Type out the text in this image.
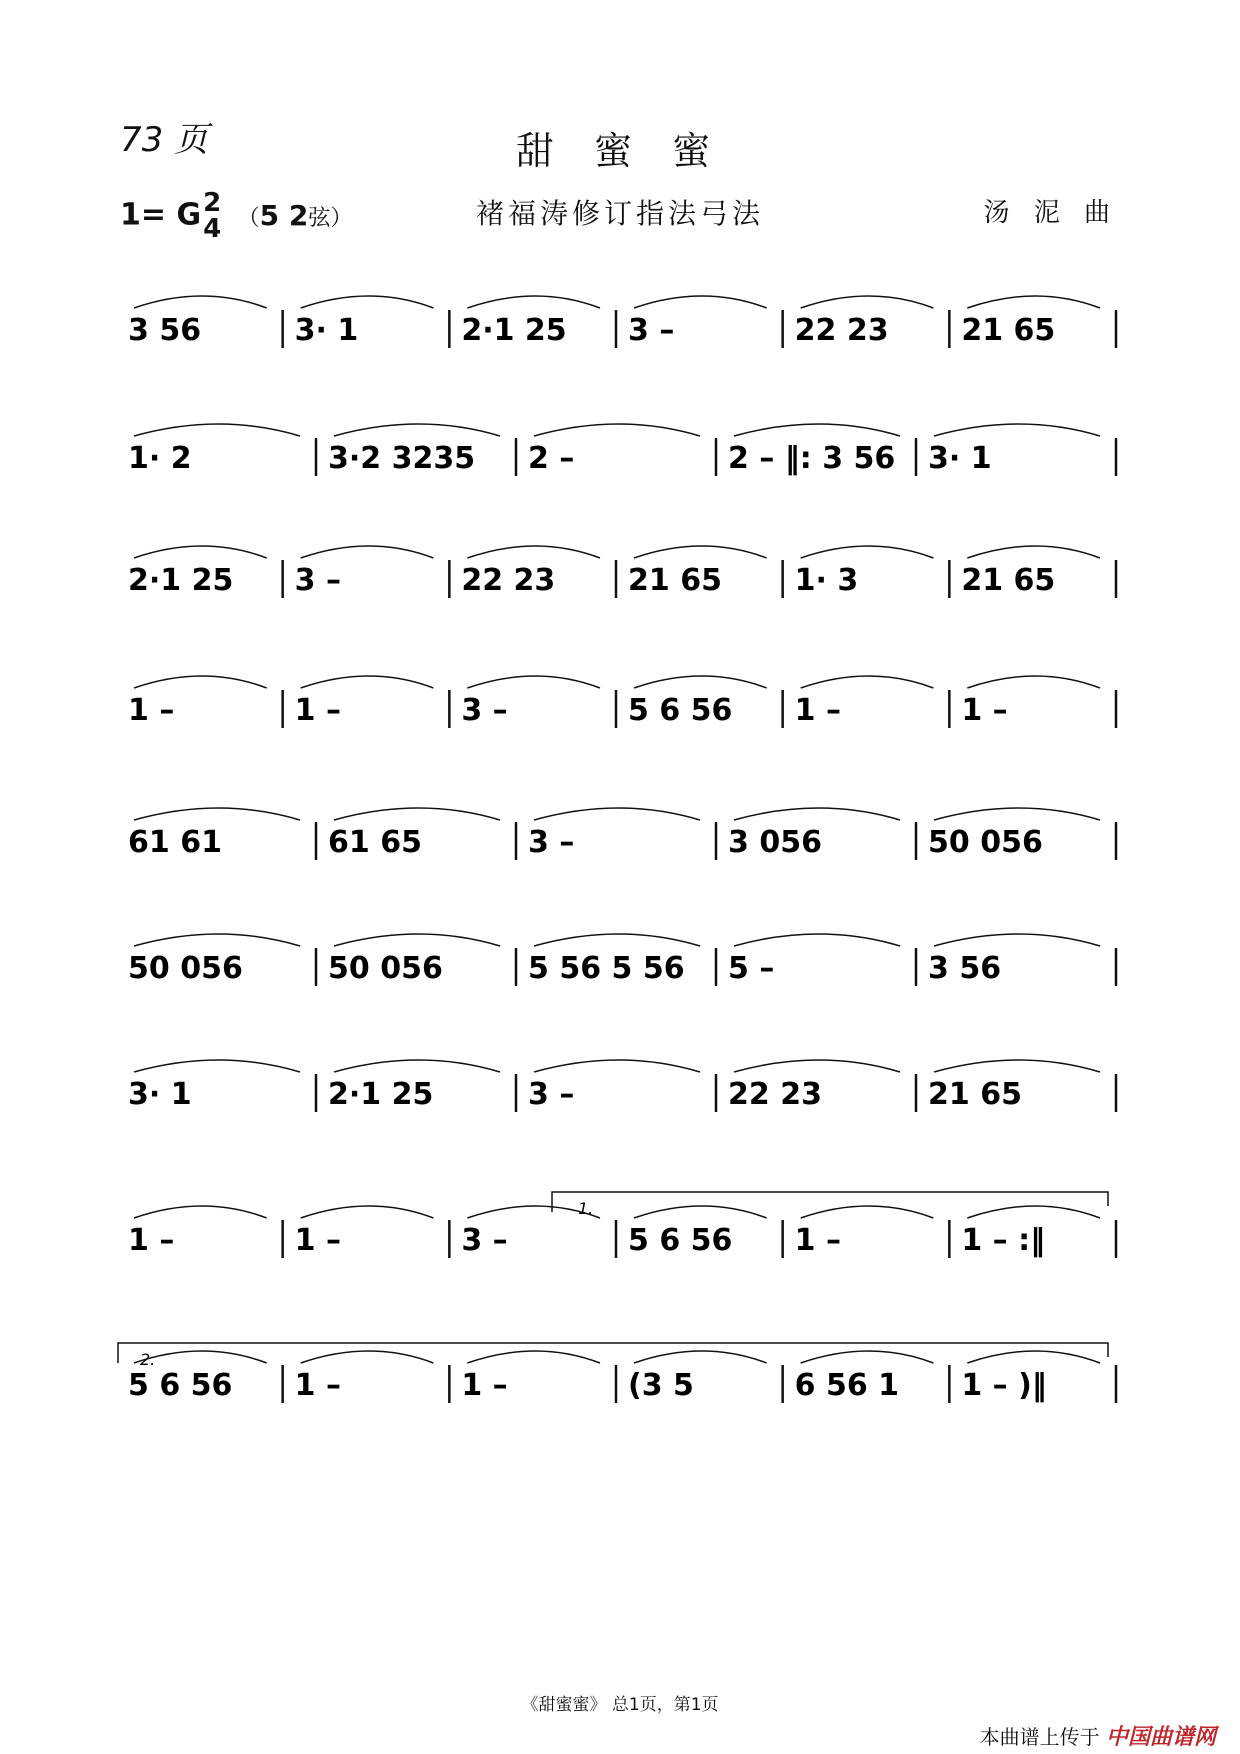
73 页	甜 蜜 蜜
1= G2
4 （5 2弦）	褚福涛修订指法弓法	汤 泥 曲
3 56	3· 1	2·1 25 3 –	22 23 21 65
1· 2	3·2 3235 2 –	2 – ‖: 3 56 3· 1
2·1 25 3 –	22 23 21 65 1· 3	21 65
1 –	1 –	3 –	5 6 56 1 –	1 –
61 61	61 65	3 –	3 056	50 056
50 056	50 056	5 56 5 56 5 –	3 56
3· 1	2·1 25	3 –	22 23	21 65
1 –	1 –	3 –	5 6 56 1 –	1 – :‖
5 6 56 1 –	1 –	(3 5	6 56 1 1 – )‖
1.
2.
《甜蜜蜜》 总1页，第1页
本曲谱上传于 中国曲谱网
